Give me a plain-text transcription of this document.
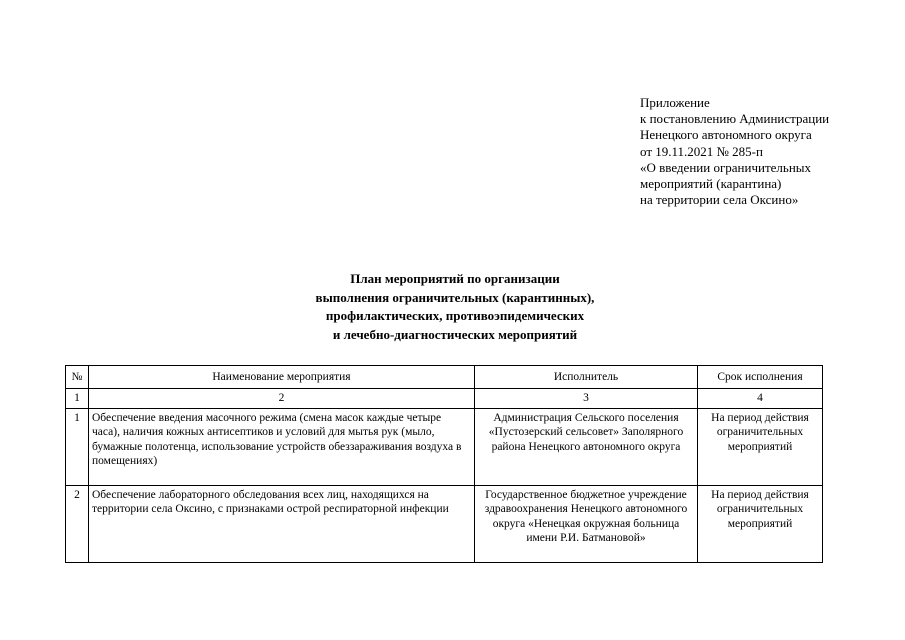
Приложение
к постановлению Администрации
Ненецкого автономного округа
от 19.11.2021 № 285-п
«О введении ограничительных
мероприятий (карантина)
на территории села Оксино»
План мероприятий по организации
выполнения ограничительных (карантинных),
профилактических, противоэпидемических
и лечебно-диагностических мероприятий
№	Наименование мероприятия	Исполнитель	Срок исполнения
1	2	3	4
1	Обеспечение введения масочного режима (смена масок каждые четыре часа), наличия кожных антисептиков и условий для мытья рук (мыло, бумажные полотенца, использование устройств обеззараживания воздуха в помещениях)	Администрация Сельского поселения «Пустозерский сельсовет» Заполярного района Ненецкого автономного округа	На период действия ограничительных мероприятий
2	Обеспечение лабораторного обследования всех лиц, находящихся на территории села Оксино, с признаками острой респираторной инфекции	Государственное бюджетное учреждение здравоохранения Ненецкого автономного округа «Ненецкая окружная больница имени Р.И. Батмановой»	На период действия ограничительных мероприятий
